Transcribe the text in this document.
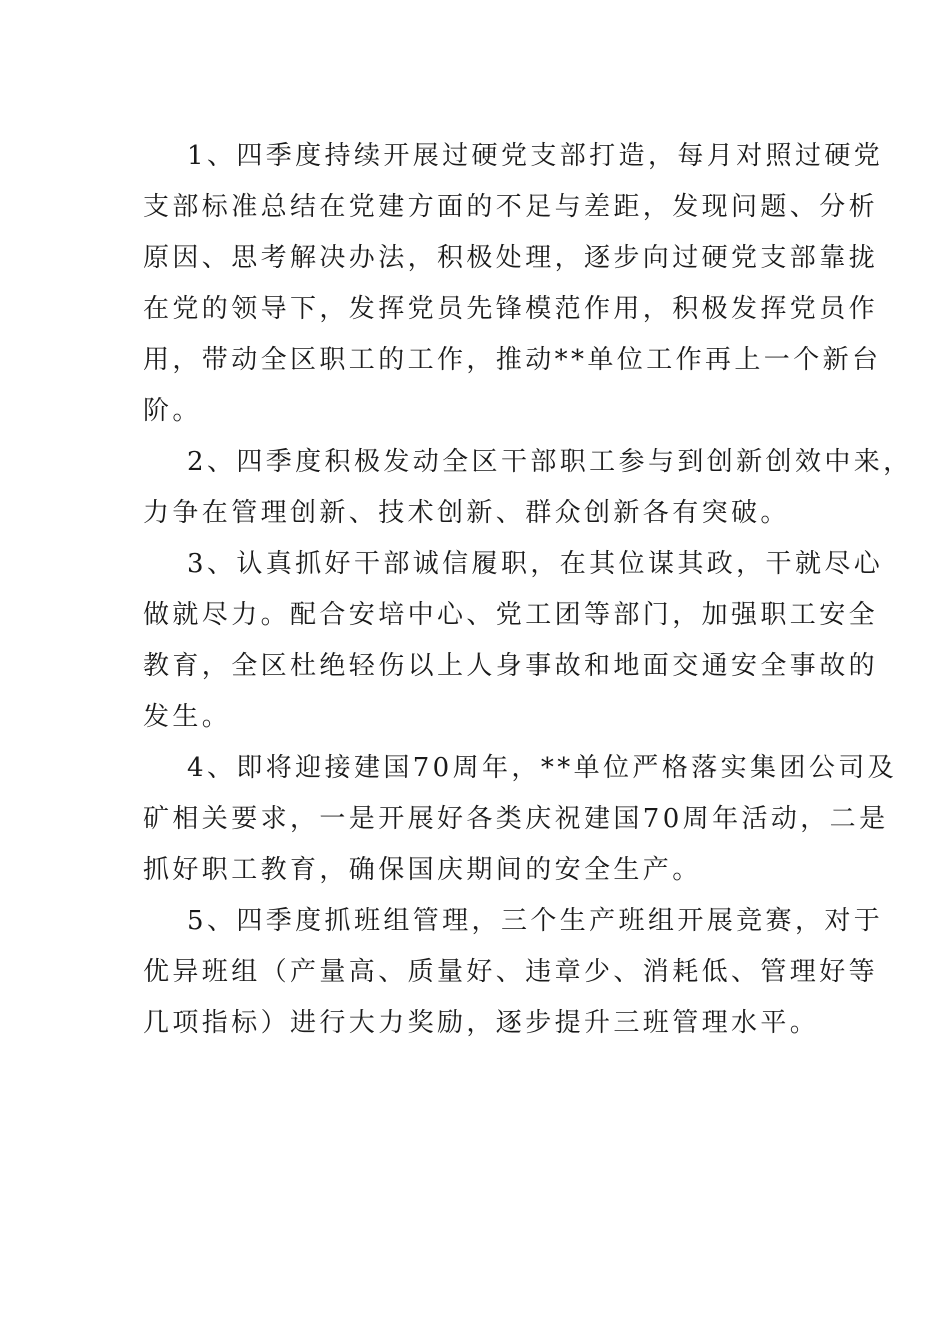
1、四季度持续开展过硬党支部打造，每月对照过硬党
支部标准总结在党建方面的不足与差距，发现问题、分析
原因、思考解决办法，积极处理，逐步向过硬党支部靠拢
在党的领导下，发挥党员先锋模范作用，积极发挥党员作
用，带动全区职工的工作，推动**单位工作再上一个新台
阶。

2、四季度积极发动全区干部职工参与到创新创效中来，
力争在管理创新、技术创新、群众创新各有突破。

3、认真抓好干部诚信履职，在其位谋其政，干就尽心
做就尽力。配合安培中心、党工团等部门，加强职工安全
教育，全区杜绝轻伤以上人身事故和地面交通安全事故的
发生。

4、即将迎接建国70周年，**单位严格落实集团公司及
矿相关要求，一是开展好各类庆祝建国70周年活动，二是
抓好职工教育，确保国庆期间的安全生产。

5、四季度抓班组管理，三个生产班组开展竞赛，对于
优异班组（产量高、质量好、违章少、消耗低、管理好等
几项指标）进行大力奖励，逐步提升三班管理水平。
